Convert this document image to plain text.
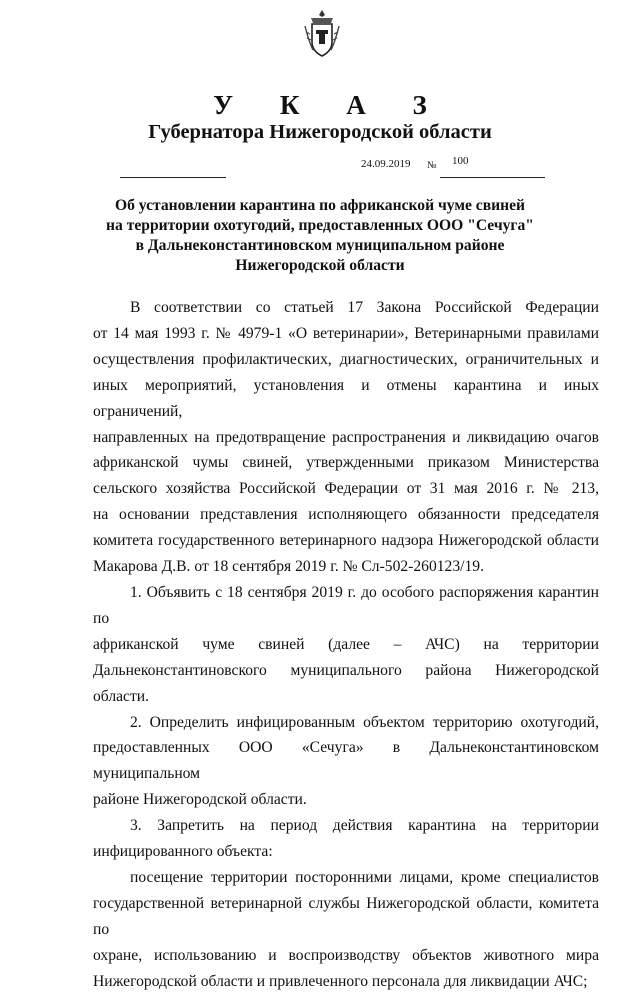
У К А З
Губернатора Нижегородской области
24.09.2019 № 100
Об установлении карантина по африканской чуме свиней
на территории охотугодий, предоставленных ООО "Сечуга"
в Дальнеконстантиновском муниципальном районе
Нижегородской области
В соответствии со статьей 17 Закона Российской Федерации
от 14 мая 1993 г. № 4979-1 «О ветеринарии», Ветеринарными правилами
осуществления профилактических, диагностических, ограничительных и
иных мероприятий, установления и отмены карантина и иных ограничений,
направленных на предотвращение распространения и ликвидацию очагов
африканской чумы свиней, утвержденными приказом Министерства
сельского хозяйства Российской Федерации от 31 мая 2016 г. № 213,
на основании представления исполняющего обязанности председателя
комитета государственного ветеринарного надзора Нижегородской области
Макарова Д.В. от 18 сентября 2019 г. № Сл-502-260123/19.
1. Объявить с 18 сентября 2019 г. до особого распоряжения карантин по
африканской чуме свиней (далее – АЧС) на территории
Дальнеконстантиновского муниципального района Нижегородской области.
2. Определить инфицированным объектом территорию охотугодий,
предоставленных ООО «Сечуга» в Дальнеконстантиновском муниципальном
районе Нижегородской области.
3. Запретить на период действия карантина на территории
инфицированного объекта:
посещение территории посторонними лицами, кроме специалистов
государственной ветеринарной службы Нижегородской области, комитета по
охране, использованию и воспроизводству объектов животного мира
Нижегородской области и привлеченного персонала для ликвидации АЧС;
